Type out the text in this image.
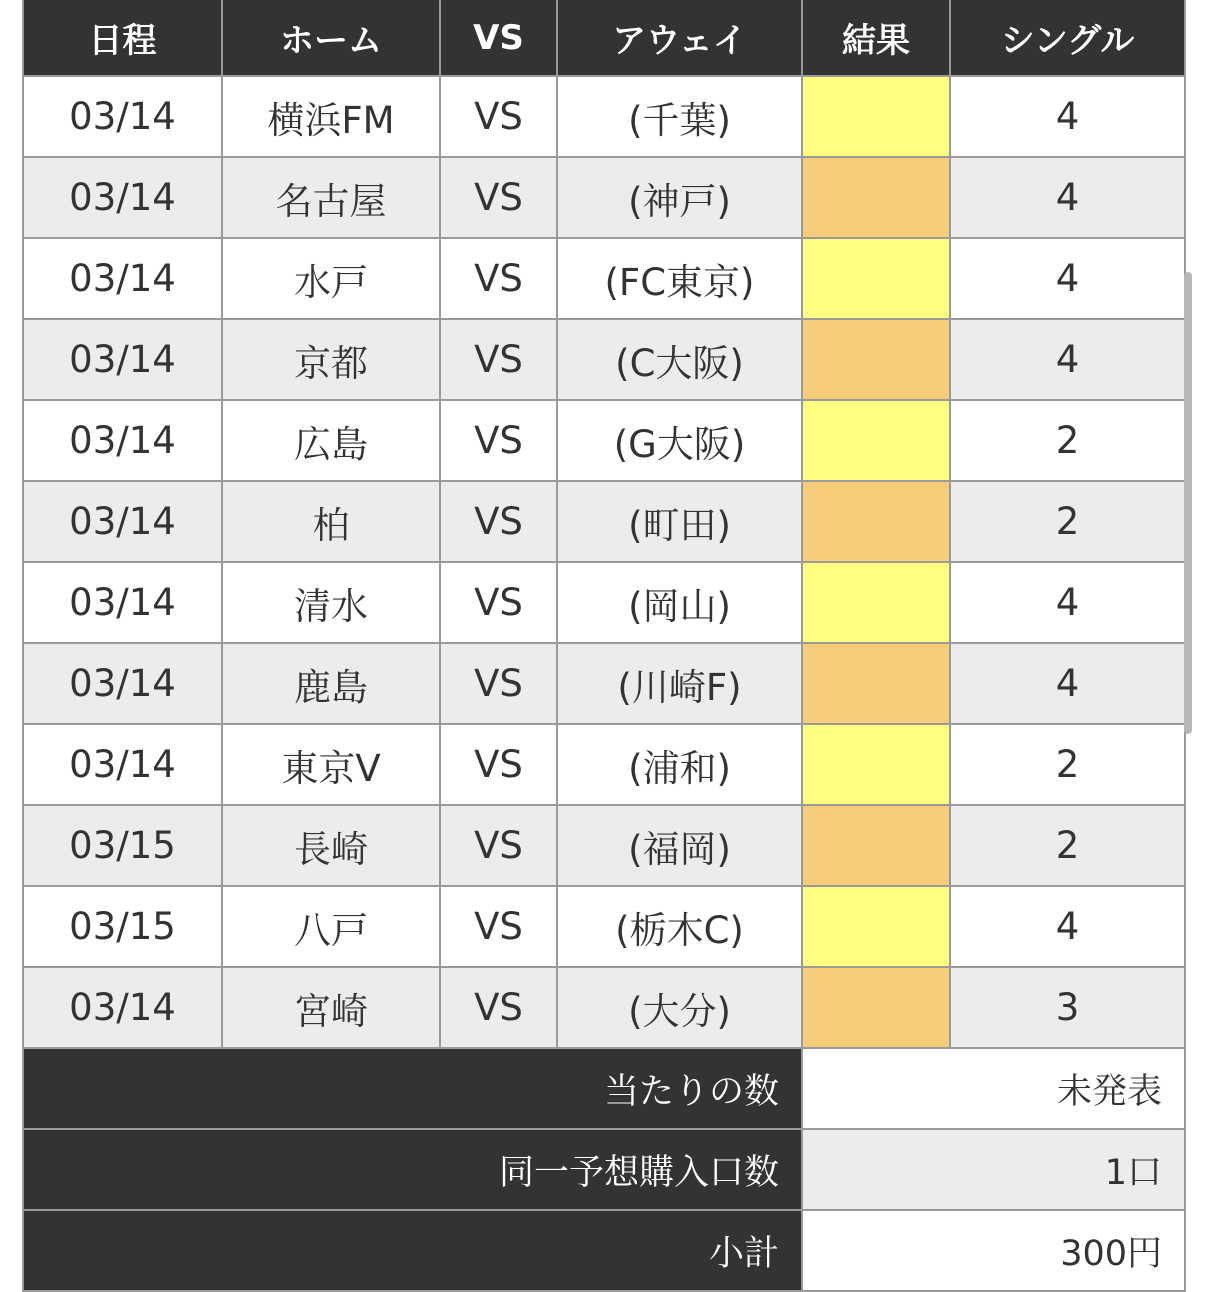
日程	ホーム	VS	アウェイ	結果	シングル
03/14	横浜FM	VS	(千葉)		4
03/14	名古屋	VS	(神戸)		4
03/14	水戸	VS	(FC東京)		4
03/14	京都	VS	(C大阪)		4
03/14	広島	VS	(G大阪)		2
03/14	柏	VS	(町田)		2
03/14	清水	VS	(岡山)		4
03/14	鹿島	VS	(川崎F)		4
03/14	東京V	VS	(浦和)		2
03/15	長崎	VS	(福岡)		2
03/15	八戸	VS	(栃木C)		4
03/14	宮崎	VS	(大分)		3
当たりの数				未発表	
同一予想購入口数				1口	
小計				300円	
